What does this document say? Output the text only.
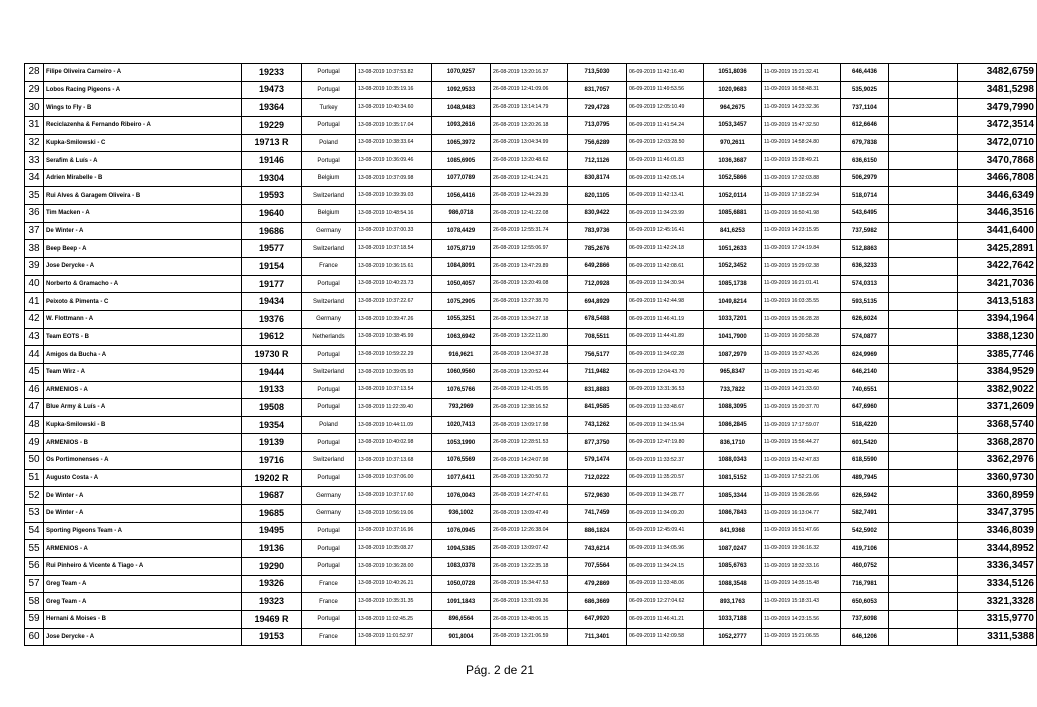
28	Filipe Oliveira Carneiro - A	19233	Portugal	13-08-2019 10:37:53.82	1070,9257	26-08-2019 13:20:16.37	713,5030	06-09-2019 11:42:16.40	1051,8036	11-09-2019 15:21:32.41	646,4436		3482,6759
29	Lobos Racing Pigeons - A	19473	Portugal	13-08-2019 10:35:19.16	1092,9533	26-08-2019 12:41:09.06	831,7057	06-09-2019 11:49:53.56	1020,9683	11-09-2019 16:58:48.31	535,9025		3481,5298
30	Wings to Fly - B	19364	Turkey	13-08-2019 10:40:34.60	1048,9483	26-08-2019 13:14:14.79	729,4728	06-09-2019 12:05:10.49	964,2675	11-09-2019 14:23:32.36	737,1104		3479,7990
31	Reciclazenha & Fernando Ribeiro - A	19229	Portugal	13-08-2019 10:35:17.04	1093,2616	26-08-2019 13:20:26.18	713,0795	06-09-2019 11:41:54.24	1053,3457	11-09-2019 15:47:32.50	612,6646		3472,3514
32	Kupka-Smilowski - C	19713 R	Poland	13-08-2019 10:38:33.64	1065,3972	26-08-2019 13:04:34.99	756,6289	06-09-2019 12:03:28.50	970,2611	11-09-2019 14:58:24.80	679,7838		3472,0710
33	Serafim & Luís - A	19146	Portugal	13-08-2019 10:36:09.46	1085,6905	26-08-2019 13:20:48.62	712,1126	06-09-2019 11:46:01.83	1036,3687	11-09-2019 15:28:49.21	636,6150		3470,7868
34	Adrien Mirabelle - B	19304	Belgium	13-08-2019 10:37:09.98	1077,0789	26-08-2019 12:41:24.21	830,8174	06-09-2019 11:42:05.14	1052,5866	11-09-2019 17:32:03.88	506,2979		3466,7808
35	Rui Alves & Garagem Oliveira - B	19593	Switzerland	13-08-2019 10:39:39.03	1056,4416	26-08-2019 12:44:29.39	820,1105	06-09-2019 11:42:13.41	1052,0114	11-09-2019 17:18:22.94	518,0714		3446,6349
36	Tim Macken - A	19640	Belgium	13-08-2019 10:48:54.16	986,0718	26-08-2019 12:41:22.08	830,9422	06-09-2019 11:34:23.99	1085,6881	11-09-2019 16:50:41.98	543,6495		3446,3516
37	De Winter - A	19686	Germany	13-08-2019 10:37:00.33	1078,4429	26-08-2019 12:55:31.74	783,9736	06-09-2019 12:45:16.41	841,6253	11-09-2019 14:23:15.95	737,5982		3441,6400
38	Beep Beep - A	19577	Switzerland	13-08-2019 10:37:18.54	1075,8719	26-08-2019 12:55:06.97	785,2676	06-09-2019 11:42:24.18	1051,2633	11-09-2019 17:24:19.84	512,8863		3425,2891
39	Jose Derycke - A	19154	France	13-08-2019 10:36:15.61	1084,8091	26-08-2019 13:47:29.89	649,2866	06-09-2019 11:42:08.61	1052,3452	11-09-2019 15:29:02.38	636,3233		3422,7642
40	Norberto & Gramacho - A	19177	Portugal	13-08-2019 10:40:23.73	1050,4057	26-08-2019 13:20:49.08	712,0928	06-09-2019 11:34:30.94	1085,1738	11-09-2019 16:21:01.41	574,0313		3421,7036
41	Peixoto & Pimenta - C	19434	Switzerland	13-08-2019 10:37:22.67	1075,2905	26-08-2019 13:27:38.70	694,8929	06-09-2019 11:42:44.98	1049,8214	11-09-2019 16:03:35.55	593,5135		3413,5183
42	W. Flottmann - A	19376	Germany	13-08-2019 10:39:47.26	1055,3251	26-08-2019 13:34:27.18	678,5488	06-09-2019 11:46:41.19	1033,7201	11-09-2019 15:36:28.28	626,6024		3394,1964
43	Team EOTS - B	19612	Netherlands	13-08-2019 10:38:45.99	1063,6942	26-08-2019 13:22:11.80	708,5511	06-09-2019 11:44:41.89	1041,7900	11-09-2019 16:20:58.28	574,0877		3388,1230
44	Amigos da Bucha - A	19730 R	Portugal	13-08-2019 10:59:22.29	916,9621	26-08-2019 13:04:37.28	756,5177	06-09-2019 11:34:02.28	1087,2979	11-09-2019 15:37:43.26	624,9969		3385,7746
45	Team Wirz - A	19444	Switzerland	13-08-2019 10:39:05.93	1060,9560	26-08-2019 13:20:52.44	711,9482	06-09-2019 12:04:43.70	965,8347	11-09-2019 15:21:42.46	646,2140		3384,9529
46	ARMENIOS - A	19133	Portugal	13-08-2019 10:37:13.54	1076,5766	26-08-2019 12:41:05.95	831,8883	06-09-2019 13:31:36.53	733,7822	11-09-2019 14:21:33.60	740,6551		3382,9022
47	Blue Army & Luís - A	19508	Portugal	13-08-2019 11:22:39.40	793,2969	26-08-2019 12:38:16.52	841,9585	06-09-2019 11:33:48.67	1088,3095	11-09-2019 15:20:37.70	647,6960		3371,2609
48	Kupka-Smilowski - B	19354	Poland	13-08-2019 10:44:11.09	1020,7413	26-08-2019 13:09:17.98	743,1262	06-09-2019 11:34:15.94	1086,2845	11-09-2019 17:17:59.07	518,4220		3368,5740
49	ARMENIOS - B	19139	Portugal	13-08-2019 10:40:02.98	1053,1990	26-08-2019 12:28:51.53	877,3750	06-09-2019 12:47:19.80	836,1710	11-09-2019 15:56:44.27	601,5420		3368,2870
50	Os Portimonenses - A	19716	Switzerland	13-08-2019 10:37:13.68	1076,5569	26-08-2019 14:24:07.98	579,1474	06-09-2019 11:33:52.37	1088,0343	11-09-2019 15:42:47.83	618,5590		3362,2976
51	Augusto Costa - A	19202 R	Portugal	13-08-2019 10:37:06.00	1077,6411	26-08-2019 13:20:50.72	712,0222	06-09-2019 11:35:20.57	1081,5152	11-09-2019 17:52:21.06	489,7945		3360,9730
52	De Winter - A	19687	Germany	13-08-2019 10:37:17.60	1076,0043	26-08-2019 14:27:47.61	572,9630	06-09-2019 11:34:28.77	1085,3344	11-09-2019 15:36:28.66	626,5942		3360,8959
53	De Winter - A	19685	Germany	13-08-2019 10:56:19.06	936,1002	26-08-2019 13:09:47.49	741,7459	06-09-2019 11:34:09.20	1086,7843	11-09-2019 16:13:04.77	582,7491		3347,3795
54	Sporting Pigeons Team - A	19495	Portugal	13-08-2019 10:37:16.96	1076,0945	26-08-2019 12:26:38.04	886,1824	06-09-2019 12:45:09.41	841,9368	11-09-2019 16:51:47.66	542,5902		3346,8039
55	ARMENIOS - A	19136	Portugal	13-08-2019 10:35:08.27	1094,5385	26-08-2019 13:09:07.42	743,6214	06-09-2019 11:34:05.96	1087,0247	11-09-2019 19:36:16.32	419,7106		3344,8952
56	Rui Pinheiro & Vicente & Tiago - A	19290	Portugal	13-08-2019 10:36:28.00	1083,0378	26-08-2019 13:22:35.18	707,5564	06-09-2019 11:34:24.15	1085,6763	11-09-2019 18:32:33.16	460,0752		3336,3457
57	Greg Team - A	19326	France	13-08-2019 10:40:26.21	1050,0728	26-08-2019 15:34:47.53	479,2869	06-09-2019 11:33:48.06	1088,3548	11-09-2019 14:35:15.48	716,7981		3334,5126
58	Greg Team - A	19323	France	13-08-2019 10:35:31.35	1091,1843	26-08-2019 13:31:09.36	686,3669	06-09-2019 12:27:04.62	893,1763	11-09-2019 15:18:31.43	650,6053		3321,3328
59	Hernani & Moises - B	19469 R	Portugal	13-08-2019 11:02:45.25	896,6564	26-08-2019 13:48:06.15	647,9920	06-09-2019 11:46:41.21	1033,7188	11-09-2019 14:23:15.56	737,6098		3315,9770
60	Jose Derycke - A	19153	France	13-08-2019 11:01:52.97	901,8004	26-08-2019 13:21:06.59	711,3401	06-09-2019 11:42:09.58	1052,2777	11-09-2019 15:21:06.55	646,1206		3311,5388
Pág. 2 de 21
